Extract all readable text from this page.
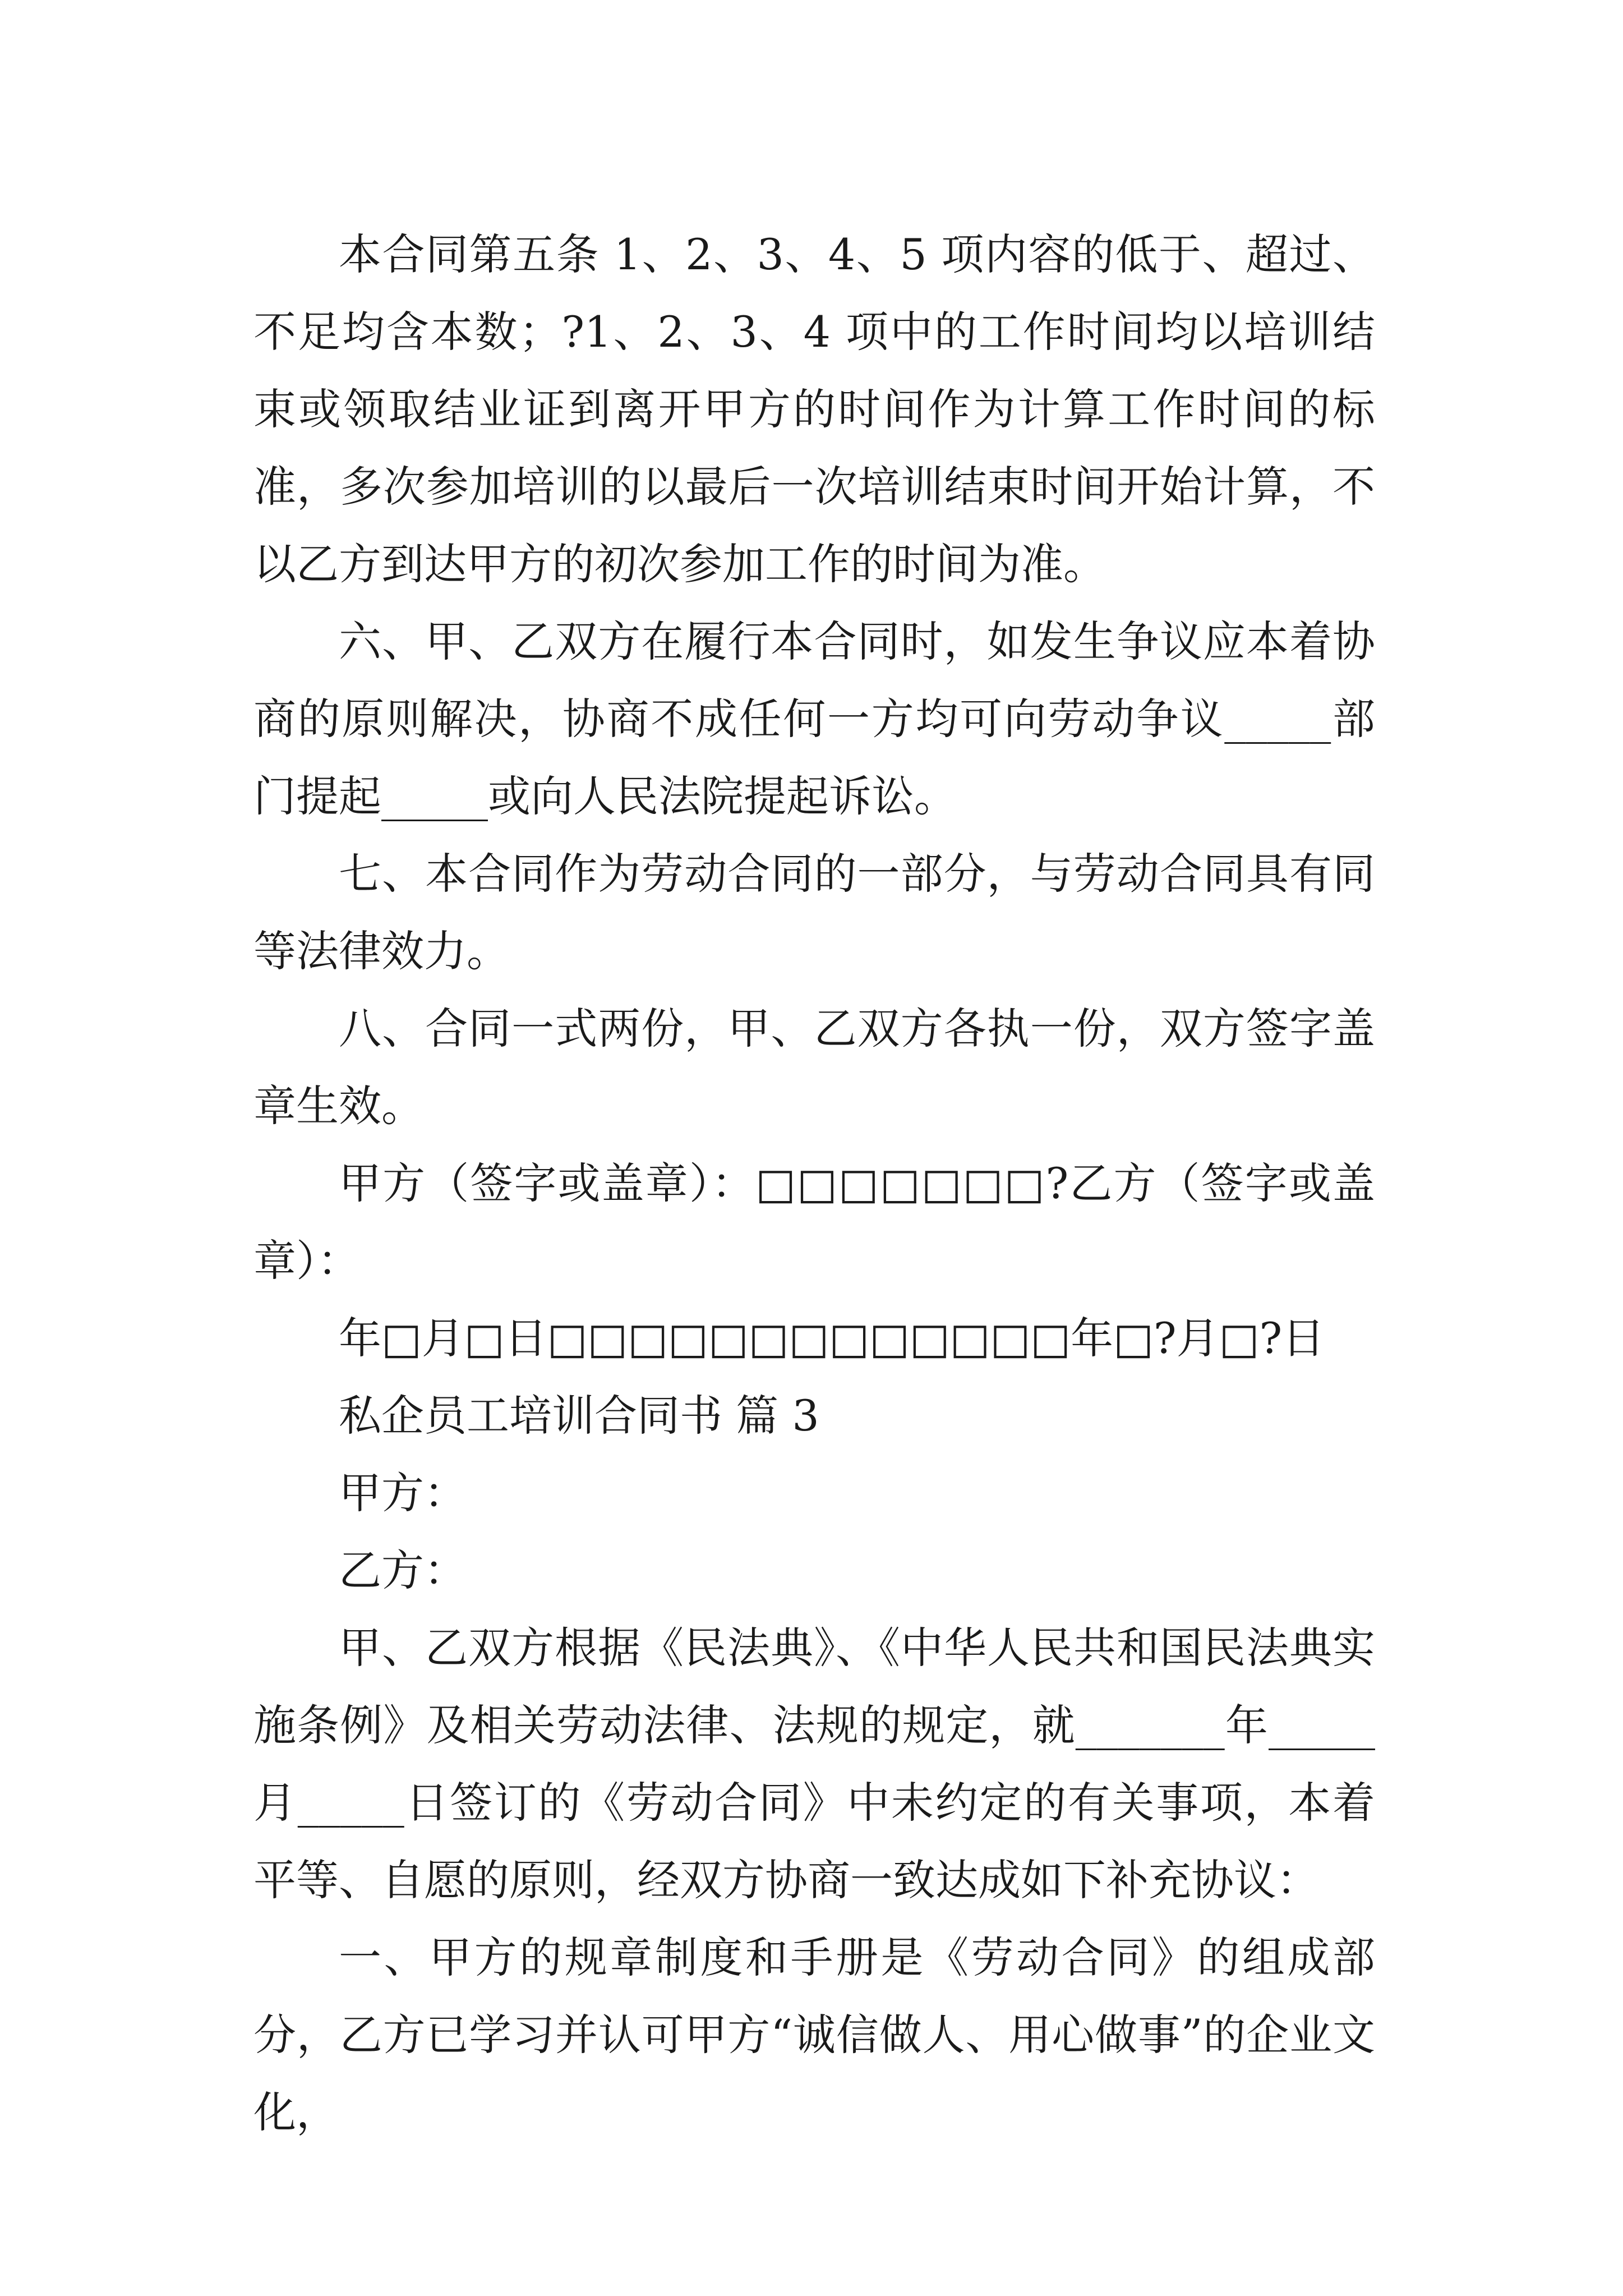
本合同第五条 1、2、3、4、5 项内容的低于、超过、不足均含本数；?1、2、3、4 项中的工作时间均以培训结束或领取结业证到离开甲方的时间作为计算工作时间的标准，多次参加培训的以最后一次培训结束时间开始计算，不以乙方到达甲方的初次参加工作的时间为准。

六、甲、乙双方在履行本合同时，如发生争议应本着协商的原则解决，协商不成任何一方均可向劳动争议_____部门提起_____或向人民法院提起诉讼。

七、本合同作为劳动合同的一部分，与劳动合同具有同等法律效力。

八、合同一式两份，甲、乙双方各执一份，双方签字盖章生效。

甲方（签字或盖章）：□□□□□□□?乙方（签字或盖章）：

年□月□日□□□□□□□□□□□□□年□?月□?日

私企员工培训合同书 篇 3

甲方：

乙方：

甲、乙双方根据《民法典》、《中华人民共和国民法典实施条例》及相关劳动法律、法规的规定，就_______年_____月_____日签订的《劳动合同》中未约定的有关事项，本着平等、自愿的原则，经双方协商一致达成如下补充协议：

一、甲方的规章制度和手册是《劳动合同》的组成部分，乙方已学习并认可甲方“诚信做人、用心做事”的企业文化，
